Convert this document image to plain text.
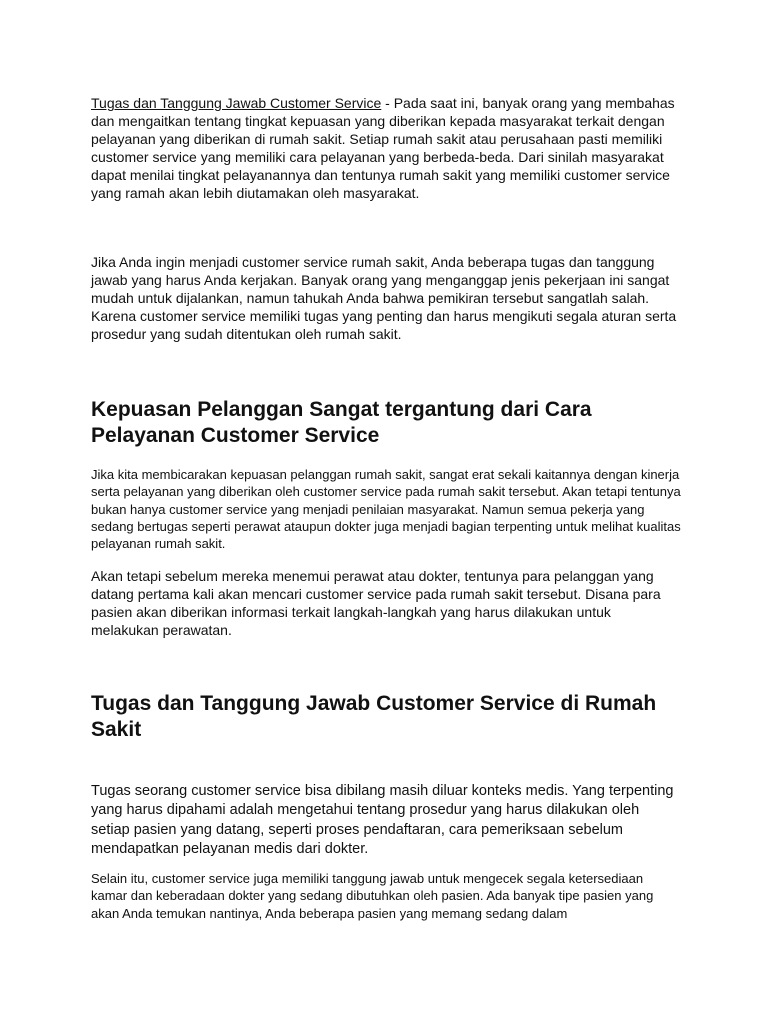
Tugas dan Tanggung Jawab Customer Service - Pada saat ini, banyak orang yang membahas dan mengaitkan tentang tingkat kepuasan yang diberikan kepada masyarakat terkait dengan pelayanan yang diberikan di rumah sakit. Setiap rumah sakit atau perusahaan pasti memiliki customer service yang memiliki cara pelayanan yang berbeda-beda. Dari sinilah masyarakat dapat menilai tingkat pelayanannya dan tentunya rumah sakit yang memiliki customer service yang ramah akan lebih diutamakan oleh masyarakat.

Jika Anda ingin menjadi customer service rumah sakit, Anda beberapa tugas dan tanggung jawab yang harus Anda kerjakan. Banyak orang yang menganggap jenis pekerjaan ini sangat mudah untuk dijalankan, namun tahukah Anda bahwa pemikiran tersebut sangatlah salah. Karena customer service memiliki tugas yang penting dan harus mengikuti segala aturan serta prosedur yang sudah ditentukan oleh rumah sakit.

Kepuasan Pelanggan Sangat tergantung dari Cara Pelayanan Customer Service

Jika kita membicarakan kepuasan pelanggan rumah sakit, sangat erat sekali kaitannya dengan kinerja serta pelayanan yang diberikan oleh customer service pada rumah sakit tersebut. Akan tetapi tentunya bukan hanya customer service yang menjadi penilaian masyarakat. Namun semua pekerja yang sedang bertugas seperti perawat ataupun dokter juga menjadi bagian terpenting untuk melihat kualitas pelayanan rumah sakit.

Akan tetapi sebelum mereka menemui perawat atau dokter, tentunya para pelanggan yang datang pertama kali akan mencari customer service pada rumah sakit tersebut. Disana para pasien akan diberikan informasi terkait langkah-langkah yang harus dilakukan untuk melakukan perawatan.

Tugas dan Tanggung Jawab Customer Service di Rumah Sakit

Tugas seorang customer service bisa dibilang masih diluar konteks medis. Yang terpenting yang harus dipahami adalah mengetahui tentang prosedur yang harus dilakukan oleh setiap pasien yang datang, seperti proses pendaftaran, cara pemeriksaan sebelum mendapatkan pelayanan medis dari dokter.

Selain itu, customer service juga memiliki tanggung jawab untuk mengecek segala ketersediaan kamar dan keberadaan dokter yang sedang dibutuhkan oleh pasien. Ada banyak tipe pasien yang akan Anda temukan nantinya, Anda beberapa pasien yang memang sedang dalam
